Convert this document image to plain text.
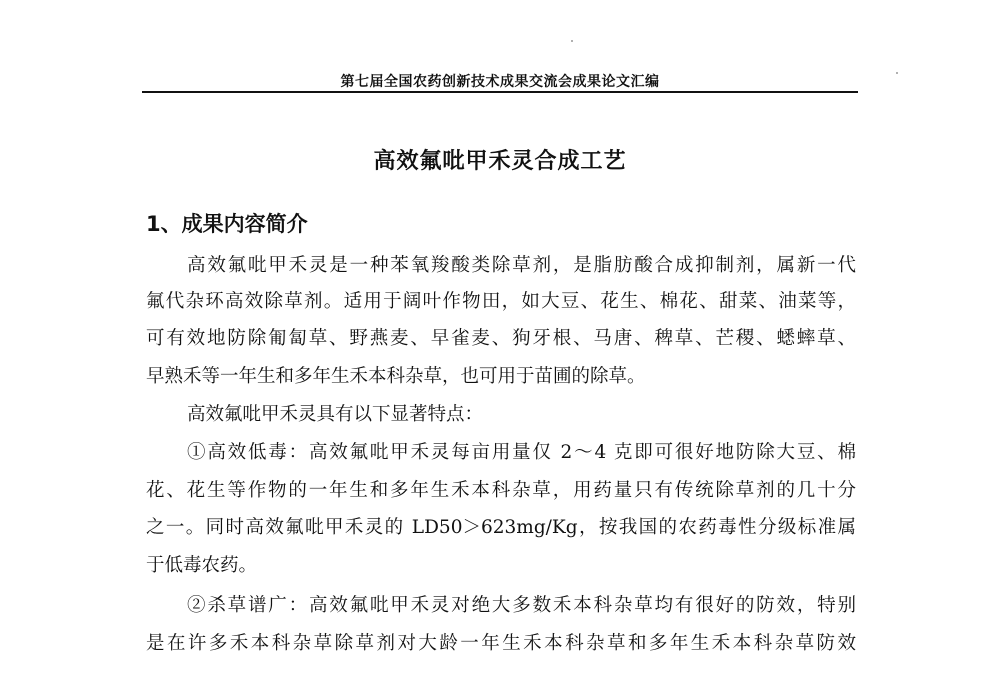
第七届全国农药创新技术成果交流会成果论文汇编
高效氟吡甲禾灵合成工艺
1、成果内容简介
高效氟吡甲禾灵是一种苯氧羧酸类除草剂，是脂肪酸合成抑制剂，属新一代
氟代杂环高效除草剂。适用于阔叶作物田，如大豆、花生、棉花、甜菜、油菜等，
可有效地防除匍匐草、野燕麦、早雀麦、狗牙根、马唐、稗草、芒稷、蟋蟀草、
早熟禾等一年生和多年生禾本科杂草，也可用于苗圃的除草。
高效氟吡甲禾灵具有以下显著特点：
①高效低毒：高效氟吡甲禾灵每亩用量仅 2～4 克即可很好地防除大豆、棉
花、花生等作物的一年生和多年生禾本科杂草，用药量只有传统除草剂的几十分
之一。同时高效氟吡甲禾灵的 LD50＞623mg/Kg，按我国的农药毒性分级标准属
于低毒农药。
②杀草谱广：高效氟吡甲禾灵对绝大多数禾本科杂草均有很好的防效，特别
是在许多禾本科杂草除草剂对大龄一年生禾本科杂草和多年生禾本科杂草防效
